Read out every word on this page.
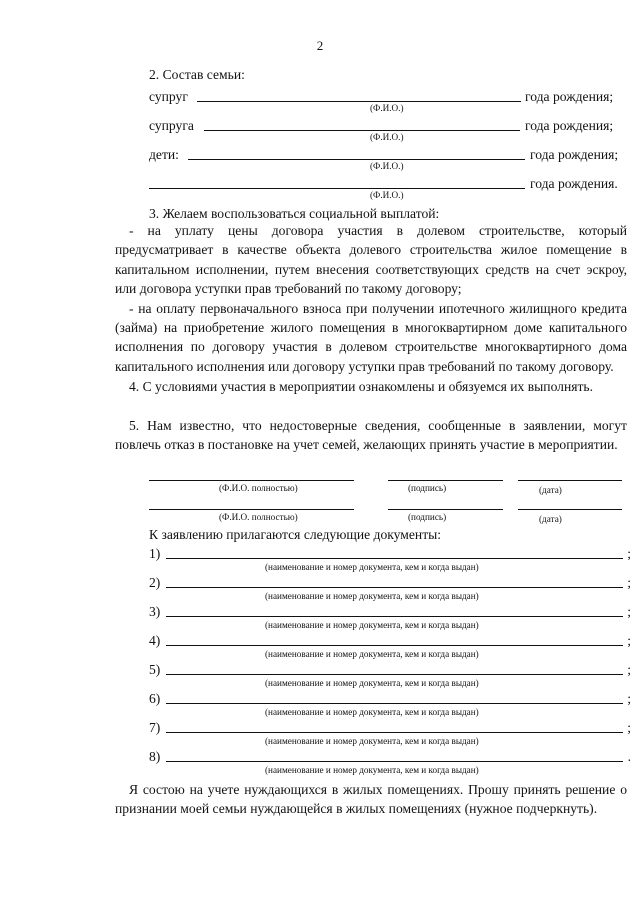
2
2. Состав семьи:
супруг	года рождения;
(Ф.И.О.)
супруга	года рождения;
(Ф.И.О.)
дети:	года рождения;
(Ф.И.О.)
года рождения.
(Ф.И.О.)
3. Желаем воспользоваться социальной выплатой:

- на уплату цены договора участия в долевом строительстве, который предусматривает в качестве объекта долевого строительства жилое помещение в капитальном исполнении, путем внесения соответствующих средств на счет эскроу, или договора уступки прав требований по такому договору;

- на оплату первоначального взноса при получении ипотечного жилищного кредита (займа) на приобретение жилого помещения в многоквартирном доме капитального исполнения по договору участия в долевом строительстве многоквартирного дома капитального исполнения или договору уступки прав требований по такому договору.

4. С условиями участия в мероприятии ознакомлены и обязуемся их выполнять.
5. Нам известно, что недостоверные сведения, сообщенные в заявлении, могут повлечь отказ в постановке на учет семей, желающих принять участие в мероприятии.
(Ф.И.О. полностью)	(подпись)	(дата)
(Ф.И.О. полностью)	(подпись)	(дата)
К заявлению прилагаются следующие документы:
1)	;
(наименование и номер документа, кем и когда выдан)
2)	;
(наименование и номер документа, кем и когда выдан)
3)	;
(наименование и номер документа, кем и когда выдан)
4)	;
(наименование и номер документа, кем и когда выдан)
5)	;
(наименование и номер документа, кем и когда выдан)
6)	;
(наименование и номер документа, кем и когда выдан)
7)	;
(наименование и номер документа, кем и когда выдан)
8)	.
(наименование и номер документа, кем и когда выдан)
Я состою на учете нуждающихся в жилых помещениях. Прошу принять решение о признании моей семьи нуждающейся в жилых помещениях (нужное подчеркнуть).
